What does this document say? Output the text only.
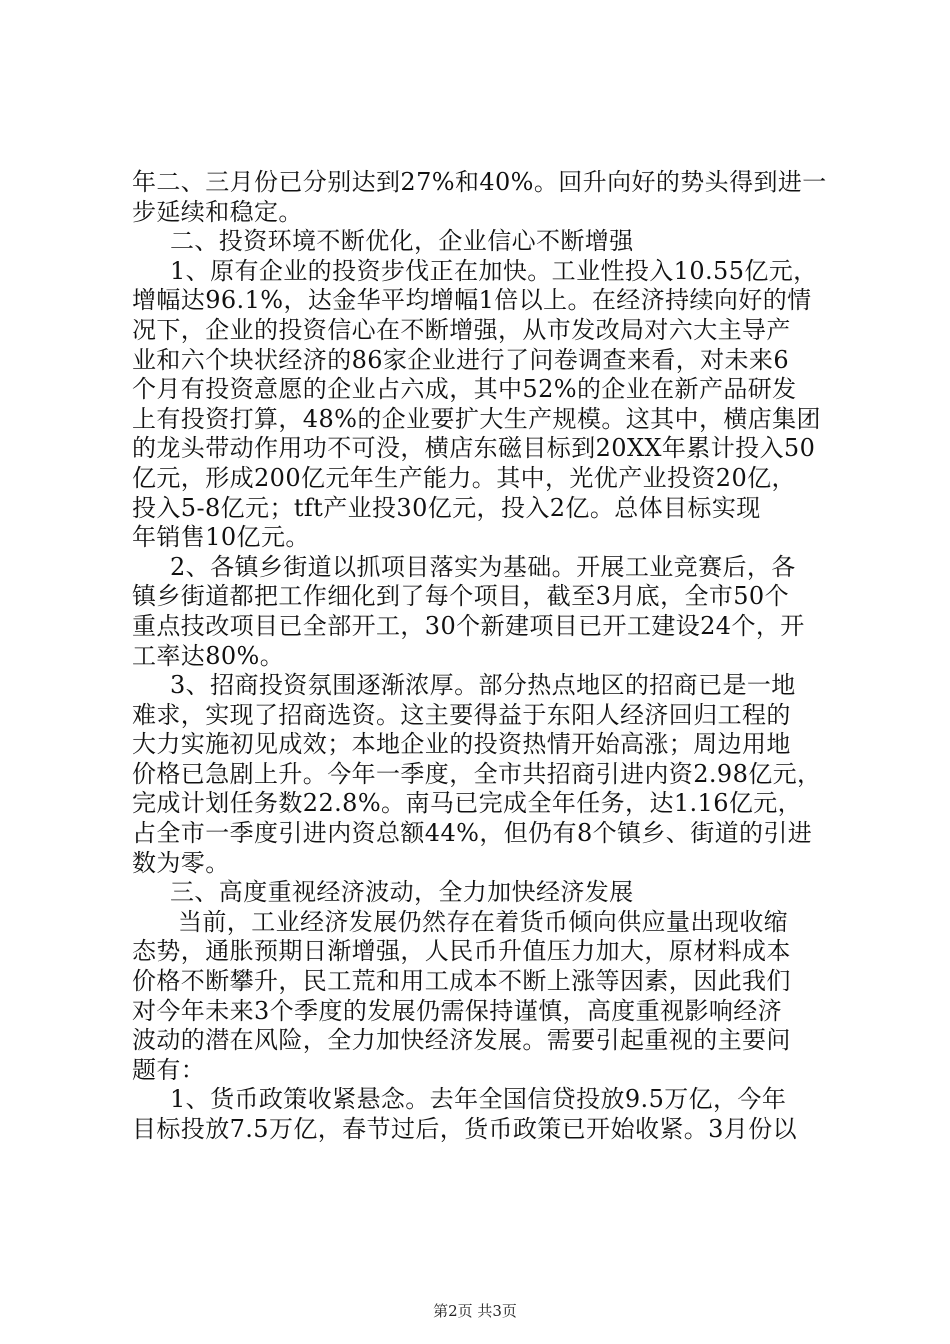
年二、三月份已分别达到27%和40%。回升向好的势头得到进一
步延续和稳定。
二、投资环境不断优化，企业信心不断增强
1、原有企业的投资步伐正在加快。工业性投入10.55亿元，
增幅达96.1%，达金华平均增幅1倍以上。在经济持续向好的情
况下，企业的投资信心在不断增强，从市发改局对六大主导产
业和六个块状经济的86家企业进行了问卷调查来看，对未来6
个月有投资意愿的企业占六成，其中52%的企业在新产品研发
上有投资打算，48%的企业要扩大生产规模。这其中，横店集团
的龙头带动作用功不可没，横店东磁目标到20XX年累计投入50
亿元，形成200亿元年生产能力。其中，光优产业投资20亿，
投入5-8亿元；tft产业投30亿元，投入2亿。总体目标实现
年销售10亿元。
2、各镇乡街道以抓项目落实为基础。开展工业竞赛后，各
镇乡街道都把工作细化到了每个项目，截至3月底，全市50个
重点技改项目已全部开工，30个新建项目已开工建设24个，开
工率达80%。
3、招商投资氛围逐渐浓厚。部分热点地区的招商已是一地
难求，实现了招商选资。这主要得益于东阳人经济回归工程的
大力实施初见成效；本地企业的投资热情开始高涨；周边用地
价格已急剧上升。今年一季度，全市共招商引进内资2.98亿元，
完成计划任务数22.8%。南马已完成全年任务，达1.16亿元，
占全市一季度引进内资总额44%，但仍有8个镇乡、街道的引进
数为零。
三、高度重视经济波动，全力加快经济发展
当前，工业经济发展仍然存在着货币倾向供应量出现收缩
态势，通胀预期日渐增强，人民币升值压力加大，原材料成本
价格不断攀升，民工荒和用工成本不断上涨等因素，因此我们
对今年未来3个季度的发展仍需保持谨慎，高度重视影响经济
波动的潜在风险，全力加快经济发展。需要引起重视的主要问
题有：
1、货币政策收紧悬念。去年全国信贷投放9.5万亿，今年
目标投放7.5万亿，春节过后，货币政策已开始收紧。3月份以
第2页 共3页
